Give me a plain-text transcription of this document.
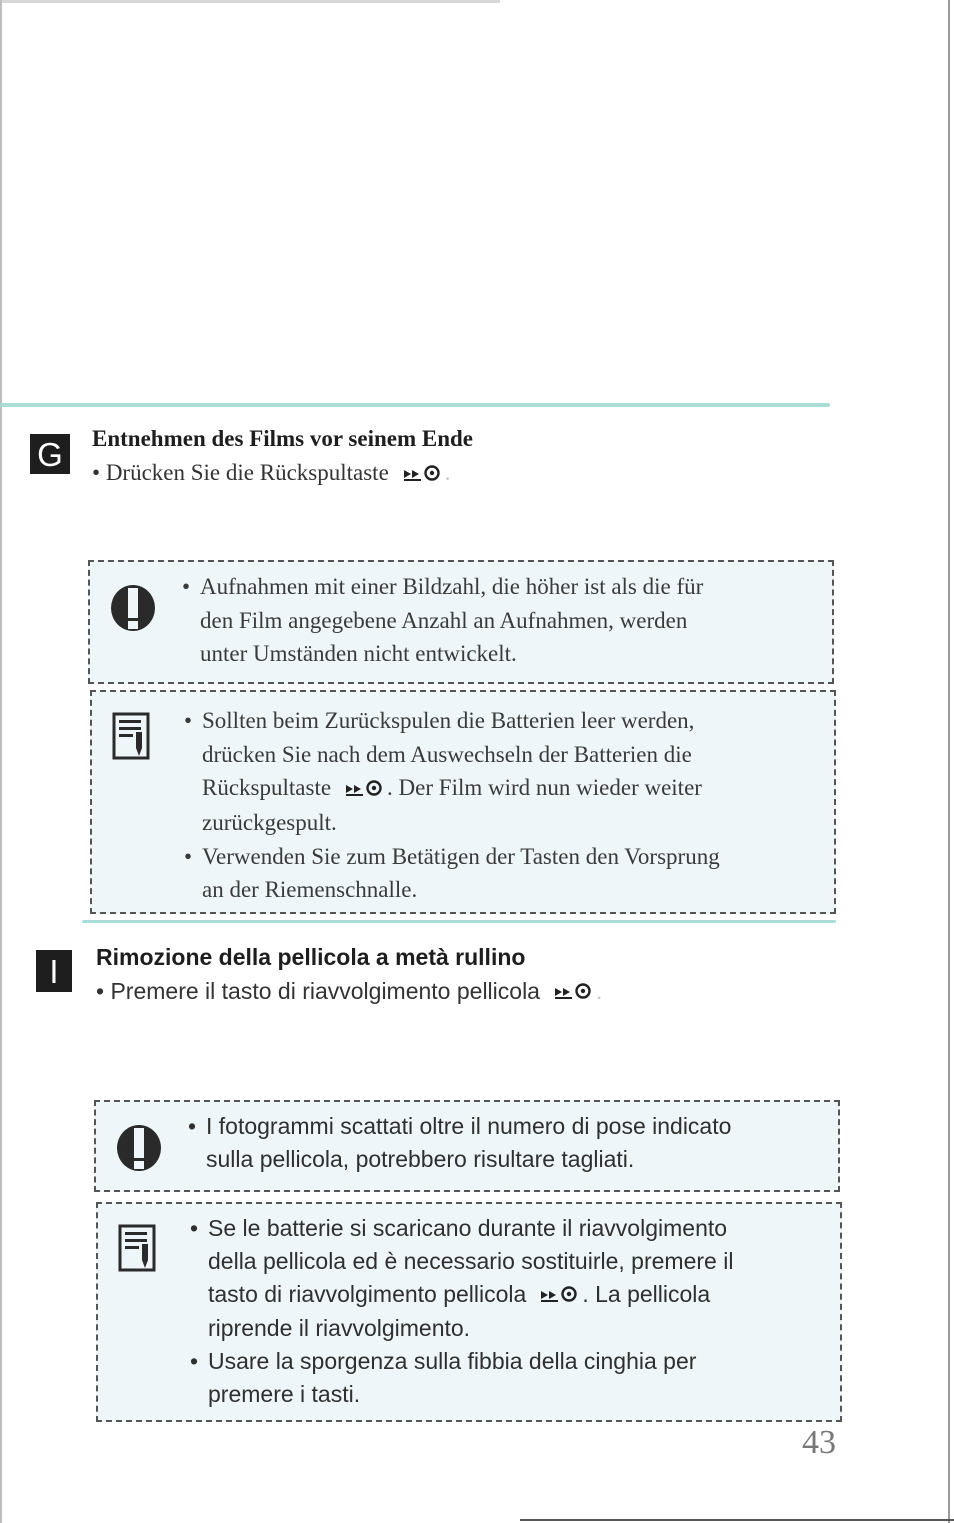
G Entnehmen des Films vor seinem Ende

• Drücken Sie die Rückspultaste .

• Aufnahmen mit einer Bildzahl, die höher ist als die für
den Film angegebene Anzahl an Aufnahmen, werden
unter Umständen nicht entwickelt.
• Sollten beim Zurückspulen die Batterien leer werden,
drücken Sie nach dem Auswechseln der Batterien die
Rückspultaste . Der Film wird nun wieder weiter
zurückgespult.
• Verwenden Sie zum Betätigen der Tasten den Vorsprung
an der Riemenschnalle.
I Rimozione della pellicola a metà rullino

• Premere il tasto di riavvolgimento pellicola .

• I fotogrammi scattati oltre il numero di pose indicato
sulla pellicola, potrebbero risultare tagliati.
• Se le batterie si scaricano durante il riavvolgimento
della pellicola ed è necessario sostituirle, premere il
tasto di riavvolgimento pellicola . La pellicola
riprende il riavvolgimento.
• Usare la sporgenza sulla fibbia della cinghia per
premere i tasti.

43
